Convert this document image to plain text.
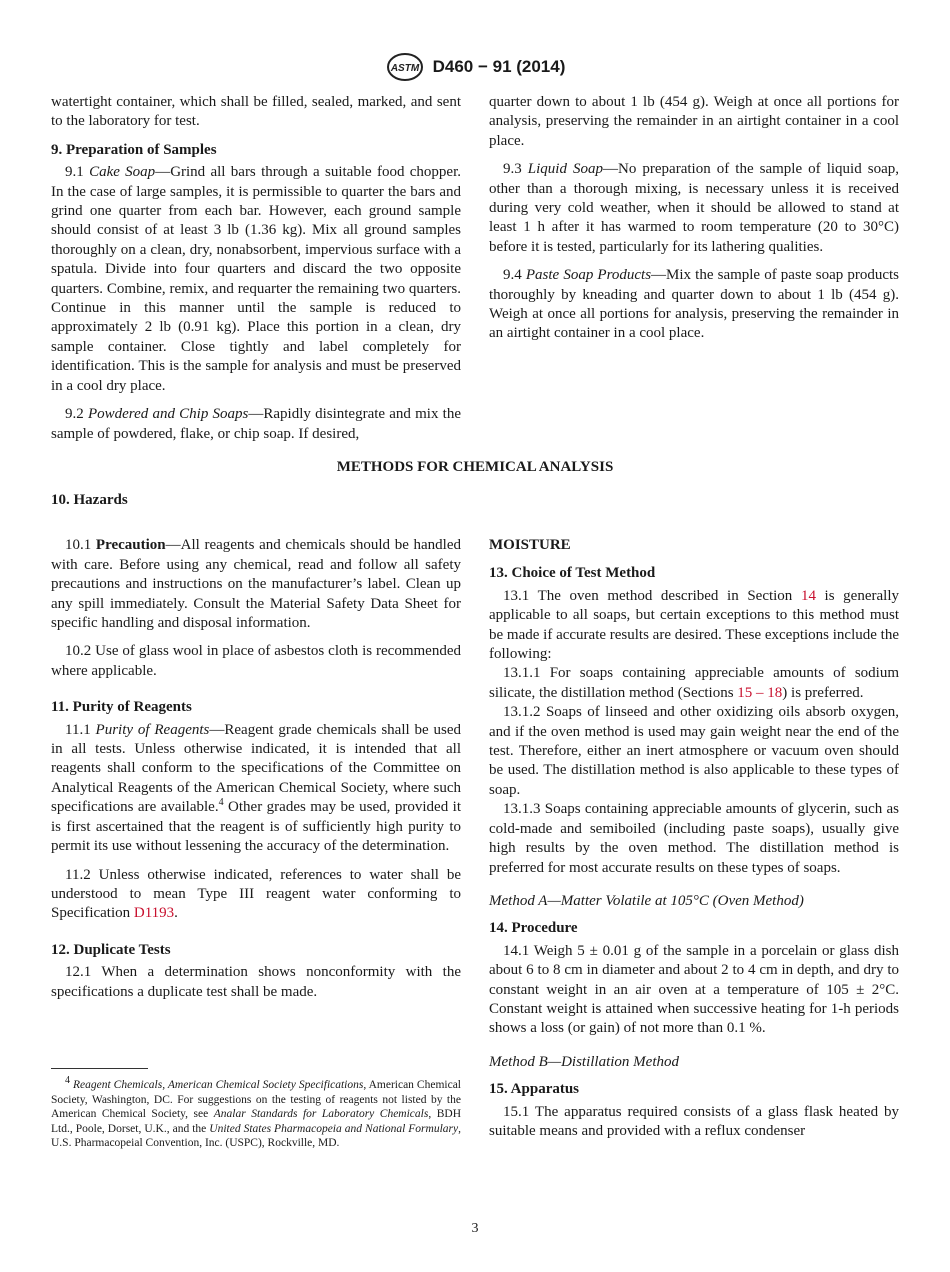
ASTM D460 − 91 (2014)

watertight container, which shall be filled, sealed, marked, and sent to the laboratory for test.

9. Preparation of Samples

9.1 Cake Soap—Grind all bars through a suitable food chopper. In the case of large samples, it is permissible to quarter the bars and grind one quarter from each bar. However, each ground sample should consist of at least 3 lb (1.36 kg). Mix all ground samples thoroughly on a clean, dry, nonabsorbent, impervious surface with a spatula. Divide into four quarters and discard the two opposite quarters. Combine, remix, and requarter the remaining two quarters. Continue in this manner until the sample is reduced to approximately 2 lb (0.91 kg). Place this portion in a clean, dry sample container. Close tightly and label completely for identification. This is the sample for analysis and must be preserved in a cool dry place.

9.2 Powdered and Chip Soaps—Rapidly disintegrate and mix the sample of powdered, flake, or chip soap. If desired,

quarter down to about 1 lb (454 g). Weigh at once all portions for analysis, preserving the remainder in an airtight container in a cool place.

9.3 Liquid Soap—No preparation of the sample of liquid soap, other than a thorough mixing, is necessary unless it is received during very cold weather, when it should be allowed to stand at least 1 h after it has warmed to room temperature (20 to 30°C) before it is tested, particularly for its lathering qualities.

9.4 Paste Soap Products—Mix the sample of paste soap products thoroughly by kneading and quarter down to about 1 lb (454 g). Weigh at once all portions for analysis, preserving the remainder in an airtight container in a cool place.

METHODS FOR CHEMICAL ANALYSIS

10. Hazards

10.1 Precaution—All reagents and chemicals should be handled with care. Before using any chemical, read and follow all safety precautions and instructions on the manufacturer’s label. Clean up any spill immediately. Consult the Material Safety Data Sheet for specific handling and disposal information.

10.2 Use of glass wool in place of asbestos cloth is recommended where applicable.

11. Purity of Reagents

11.1 Purity of Reagents—Reagent grade chemicals shall be used in all tests. Unless otherwise indicated, it is intended that all reagents shall conform to the specifications of the Committee on Analytical Reagents of the American Chemical Society, where such specifications are available.$^4$ Other grades may be used, provided it is first ascertained that the reagent is of sufficiently high purity to permit its use without lessening the accuracy of the determination.

11.2 Unless otherwise indicated, references to water shall be understood to mean Type III reagent water conforming to Specification D1193.

12. Duplicate Tests

12.1 When a determination shows nonconformity with the specifications a duplicate test shall be made.

$^4$ Reagent Chemicals, American Chemical Society Specifications, American Chemical Society, Washington, DC. For suggestions on the testing of reagents not listed by the American Chemical Society, see Analar Standards for Laboratory Chemicals, BDH Ltd., Poole, Dorset, U.K., and the United States Pharmacopeia and National Formulary, U.S. Pharmacopeial Convention, Inc. (USPC), Rockville, MD.

MOISTURE

13. Choice of Test Method

13.1 The oven method described in Section 14 is generally applicable to all soaps, but certain exceptions to this method must be made if accurate results are desired. These exceptions include the following:

13.1.1 For soaps containing appreciable amounts of sodium silicate, the distillation method (Sections 15 – 18) is preferred.

13.1.2 Soaps of linseed and other oxidizing oils absorb oxygen, and if the oven method is used may gain weight near the end of the test. Therefore, either an inert atmosphere or vacuum oven should be used. The distillation method is also applicable to these types of soap.

13.1.3 Soaps containing appreciable amounts of glycerin, such as cold-made and semiboiled (including paste soaps), usually give high results by the oven method. The distillation method is preferred for most accurate results on these types of soaps.

Method A—Matter Volatile at 105°C (Oven Method)

14. Procedure

14.1 Weigh 5 ± 0.01 g of the sample in a porcelain or glass dish about 6 to 8 cm in diameter and about 2 to 4 cm in depth, and dry to constant weight in an air oven at a temperature of 105 ± 2°C. Constant weight is attained when successive heating for 1-h periods shows a loss (or gain) of not more than 0.1 %.

Method B—Distillation Method

15. Apparatus

15.1 The apparatus required consists of a glass flask heated by suitable means and provided with a reflux condenser

3
